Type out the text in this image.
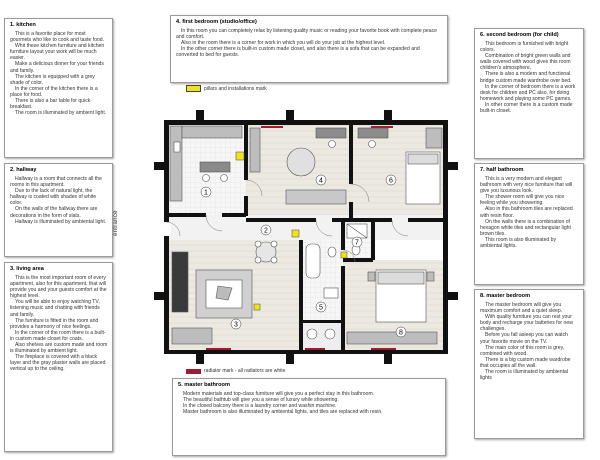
1. kitchen

This is a favorite place for most gourmets who like to cook and taste food.

Whit these kitchen furniture and kitchen furniture layout your work will be much easier.

Make a delicious dinner for your friends and family.

The kitchen is equipped with a grey shade of color.

In the corner of the kitchen there is a place for food.

There is also a bar table for quick breakfast.

The room is illuminated by ambient light.

2. hallway

Hallway is a room that connects all the rooms in this apartment.

Due to the lack of natural light, the hallway is coated with shades of white color.

On the walls of the hallway there are decorations in the form of slats.

Hallway is illuminated by ambiental light.

3. living area

This is the most important room of every apartment, also for this apartment, that will provide you and your guests comfort at the highest level.

You will be able to enjoy watching TV, listening music and chatting with friends and family.

The furniture is fitted in the room and provides a harmony of nice feelings.

In the corner of the room there is a built-in custom made closet for coats.

Also shelves are custom made and room is illuminated by ambient light.

The fireplace is covered with a black layer and the gray plaster walls are placed vertical up to the ceiling.

4. first bedroom (studio/office)

In this room you can completely relax by listening quality music or reading your favorite book with complete peace and comfort.

Also in the room there is a corner for work in which you will do your job at the highest level.

In the other corner there is built-in custom made closet, and also there is a sofa that can be expanded and converted to bed for guests.

pillars and installations mark
radiator mark - all radiators are white
5. master bathroom

Modern materials and top-class furniture will give you a perfect stay in this bathroom.

The beautiful bathtub will give you a sense of luxury while showering.

In the closed balcony there is a laundry corner and washin machine.

Master bathroom is also illuminated by ambiental lights, and tiles are replaced with resin.

6. second bedroom (for child)

This bedroom is furnished with bright colors.

Combination of bright green walls and walls covered with wood gives this room children's atmosphere.

There is also a modern and functional bridge custom made wardrobe over bed.

In the corner of bedroom there is a work desk for children and PC also, for doing homework and playing some PC games.

In other corner there is a custom made built-in closet.

7. half bathroom

This is a very modern and elegant bathroom with very nice furniture that will give you luxurious look.

The shower room will give you nice feeling while you showering.

Also in this bathroom tiles are replaced with resin floor.

On the walls there is a combination of hexagon white tiles and rectangular light brown tiles.

This room is also illuminated by ambiental lights.

8. master bedroom

The master bedroom will give you maximum comfort and a quiet sleep.

With quality furniture you can rest your body and recharge your batteries for new challenges.

Before you fall asleep you can watch your favorite movie on the TV.

The main color of this room is grey, combined with wood.

There is a big custom made wardrobe that occupies all the wall.

The room is illuminated by ambiental lights

entrance
1
2
3
4
5
6
7
8
